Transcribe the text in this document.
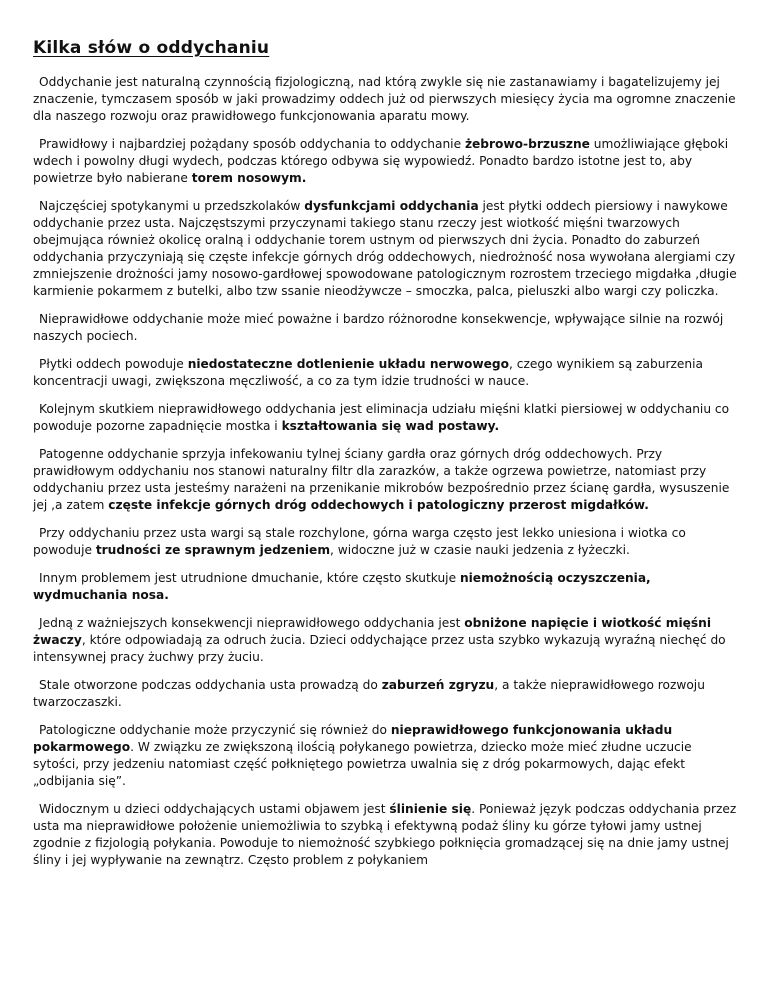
Kilka słów o oddychaniu

Oddychanie jest naturalną czynnością fizjologiczną, nad którą zwykle się nie zastanawiamy i bagatelizujemy jej znaczenie, tymczasem sposób w jaki prowadzimy oddech już od pierwszych miesięcy życia ma ogromne znaczenie dla naszego rozwoju oraz prawidłowego funkcjonowania aparatu mowy.

Prawidłowy i najbardziej pożądany sposób oddychania to oddychanie żebrowo-brzuszne umożliwiające głęboki wdech i powolny długi wydech, podczas którego odbywa się wypowiedź. Ponadto bardzo istotne jest to, aby powietrze było nabierane torem nosowym.

Najczęściej spotykanymi u przedszkolaków dysfunkcjami oddychania jest płytki oddech piersiowy i nawykowe oddychanie przez usta. Najczęstszymi przyczynami takiego stanu rzeczy jest wiotkość mięśni twarzowych obejmująca również okolicę oralną i oddychanie torem ustnym od pierwszych dni życia. Ponadto do zaburzeń oddychania przyczyniają się częste infekcje górnych dróg oddechowych, niedrożność nosa wywołana alergiami czy zmniejszenie drożności jamy nosowo-gardłowej spowodowane patologicznym rozrostem trzeciego migdałka ,długie karmienie pokarmem z butelki, albo tzw ssanie nieodżywcze – smoczka, palca, pieluszki albo wargi czy policzka.

Nieprawidłowe oddychanie może mieć poważne i bardzo różnorodne konsekwencje, wpływające silnie na rozwój naszych pociech.

Płytki oddech powoduje niedostateczne dotlenienie układu nerwowego, czego wynikiem są zaburzenia koncentracji uwagi, zwiększona męczliwość, a co za tym idzie trudności w nauce.

Kolejnym skutkiem nieprawidłowego oddychania jest eliminacja udziału mięśni klatki piersiowej w oddychaniu co powoduje pozorne zapadnięcie mostka i kształtowania się wad postawy.

Patogenne oddychanie sprzyja infekowaniu tylnej ściany gardła oraz górnych dróg oddechowych. Przy prawidłowym oddychaniu nos stanowi naturalny filtr dla zarazków, a także ogrzewa powietrze, natomiast przy oddychaniu przez usta jesteśmy narażeni na przenikanie mikrobów bezpośrednio przez ścianę gardła, wysuszenie jej ,a zatem częste infekcje górnych dróg oddechowych i patologiczny przerost migdałków.

Przy oddychaniu przez usta wargi są stale rozchylone, górna warga często jest lekko uniesiona i wiotka co powoduje trudności ze sprawnym jedzeniem, widoczne już w czasie nauki jedzenia z łyżeczki.

Innym problemem jest utrudnione dmuchanie, które często skutkuje niemożnością oczyszczenia, wydmuchania nosa.

Jedną z ważniejszych konsekwencji nieprawidłowego oddychania jest obniżone napięcie i wiotkość mięśni żwaczy, które odpowiadają za odruch żucia. Dzieci oddychające przez usta szybko wykazują wyraźną niechęć do intensywnej pracy żuchwy przy żuciu.

Stale otworzone podczas oddychania usta prowadzą do zaburzeń zgryzu, a także nieprawidłowego rozwoju twarzoczaszki.

Patologiczne oddychanie może przyczynić się również do nieprawidłowego funkcjonowania układu pokarmowego. W związku ze zwiększoną ilością połykanego powietrza, dziecko może mieć złudne uczucie sytości, przy jedzeniu natomiast część połkniętego powietrza uwalnia się z dróg pokarmowych, dając efekt „odbijania się”.

Widocznym u dzieci oddychających ustami objawem jest ślinienie się. Ponieważ język podczas oddychania przez usta ma nieprawidłowe położenie uniemożliwia to szybką i efektywną podaż śliny ku górze tyłowi jamy ustnej zgodnie z fizjologią połykania. Powoduje to niemożność szybkiego połknięcia gromadzącej się na dnie jamy ustnej śliny i jej wypływanie na zewnątrz. Często problem z połykaniem
